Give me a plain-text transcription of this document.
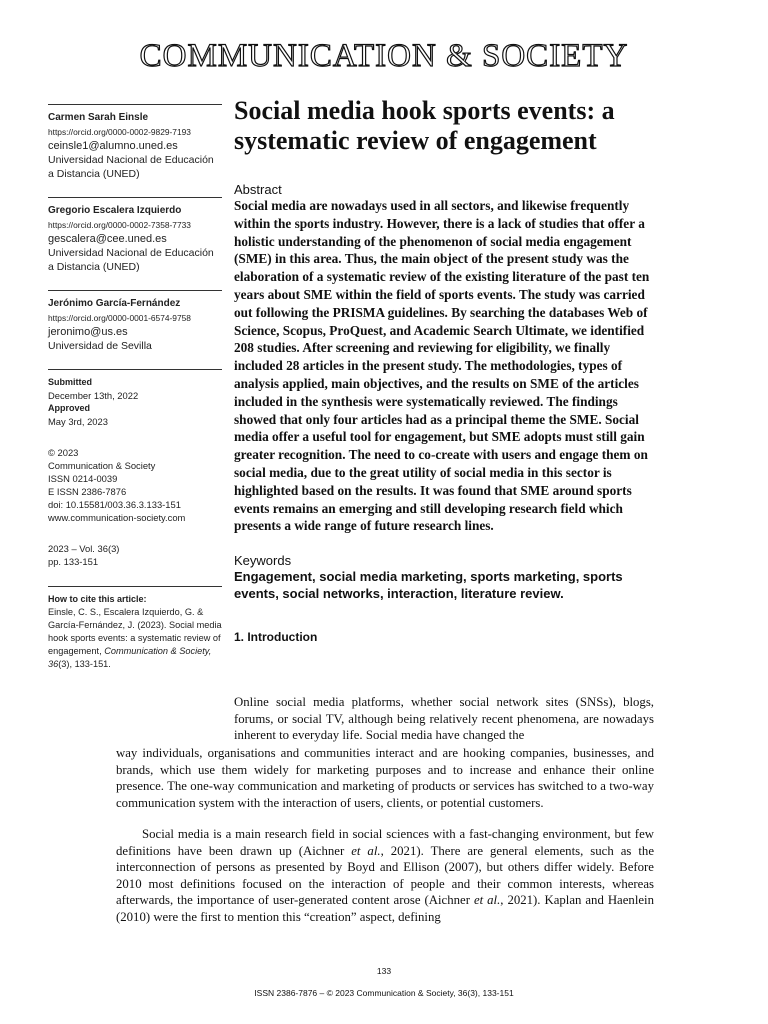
COMMUNICATION & SOCIETY
Carmen Sarah Einsle
https://orcid.org/0000-0002-9829-7193
ceinsle1@alumno.uned.es
Universidad Nacional de Educación a Distancia (UNED)
Gregorio Escalera Izquierdo
https://orcid.org/0000-0002-7358-7733
gescalera@cee.uned.es
Universidad Nacional de Educación a Distancia (UNED)
Jerónimo García-Fernández
https://orcid.org/0000-0001-6574-9758
jeronimo@us.es
Universidad de Sevilla
Submitted
December 13th, 2022
Approved
May 3rd, 2023
© 2023
Communication & Society
ISSN 0214-0039
E ISSN 2386-7876
doi: 10.15581/003.36.3.133-151
www.communication-society.com
2023 – Vol. 36(3)
pp. 133-151
How to cite this article:
Einsle, C. S., Escalera Izquierdo, G. & García-Fernández, J. (2023). Social media hook sports events: a systematic review of engagement, Communication & Society, 36(3), 133-151.
Social media hook sports events: a systematic review of engagement
Abstract
Social media are nowadays used in all sectors, and likewise frequently within the sports industry. However, there is a lack of studies that offer a holistic understanding of the phenomenon of social media engagement (SME) in this area. Thus, the main object of the present study was the elaboration of a systematic review of the existing literature of the past ten years about SME within the field of sports events. The study was carried out following the PRISMA guidelines. By searching the databases Web of Science, Scopus, ProQuest, and Academic Search Ultimate, we identified 208 studies. After screening and reviewing for eligibility, we finally included 28 articles in the present study. The methodologies, types of analysis applied, main objectives, and the results on SME of the articles included in the synthesis were systematically reviewed. The findings showed that only four articles had as a principal theme the SME. Social media offer a useful tool for engagement, but SME adopts must still gain greater recognition. The need to co-create with users and engage them on social media, due to the great utility of social media in this sector is highlighted based on the results. It was found that SME around sports events remains an emerging and still developing research field which presents a wide range of future research lines.
Keywords
Engagement, social media marketing, sports marketing, sports events, social networks, interaction, literature review.
1. Introduction
Online social media platforms, whether social network sites (SNSs), blogs, forums, or social TV, although being relatively recent phenomena, are nowadays inherent to everyday life. Social media have changed the
way individuals, organisations and communities interact and are hooking companies, businesses, and brands, which use them widely for marketing purposes and to increase and enhance their online presence. The one-way communication and marketing of products or services has switched to a two-way communication system with the interaction of users, clients, or potential customers.
Social media is a main research field in social sciences with a fast-changing environment, but few definitions have been drawn up (Aichner et al., 2021). There are general elements, such as the interconnection of persons as presented by Boyd and Ellison (2007), but others differ widely. Before 2010 most definitions focused on the interaction of people and their common interests, whereas afterwards, the importance of user-generated content arose (Aichner et al., 2021). Kaplan and Haenlein (2010) were the first to mention this “creation” aspect, defining
133
ISSN 2386-7876 – © 2023 Communication & Society, 36(3), 133-151
